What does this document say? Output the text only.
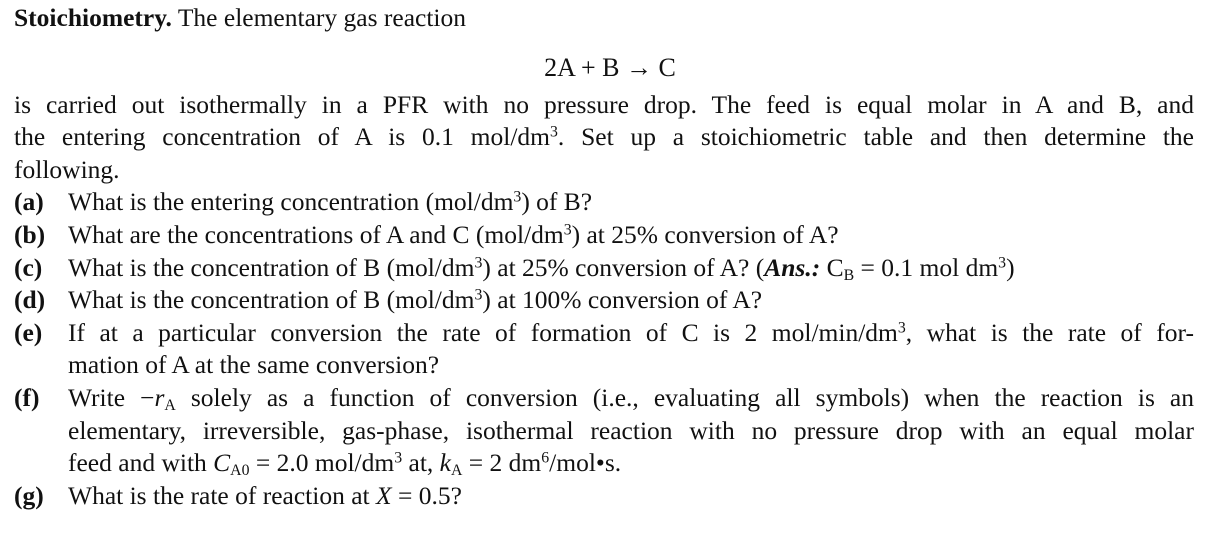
Stoichiometry. The elementary gas reaction

2A + B → C

is carried out isothermally in a PFR with no pressure drop. The feed is equal molar in A and B, and

the entering concentration of A is 0.1 mol/$dm^3$. Set up a stoichiometric table and then determine the

following.

(a) What is the entering concentration $(mol/dm^3)$ of B?
(b) What are the concentrations of A and C $(mol/dm^3)$ at 25% conversion of A?
(c)	What is the concentration of B $(mol/dm^3)$ at 25% conversion of A? (Ans.: $C_B = 0.1$ mol $dm^3$)
(d) What is the concentration of B $(mol/dm^3)$ at 100% conversion of A?
(e)	If at a particular conversion the rate of formation of C is 2 mol/$\min/dm^3$, what is the rate of for-
mation of A at the same conversion?
(f)	Write $-r_A$ solely as a function of conversion (i.e., evaluating all symbols) when the reaction is an
elementary, irreversible, gas-phase, isothermal reaction with no pressure drop with an equal molar
feed and with $C_{A0} = 2.0$ mol/$dm^3$ at, $k_A = 2$ $dm^6/mol•s$.
(g) What is the rate of reaction at X = 0.5?
